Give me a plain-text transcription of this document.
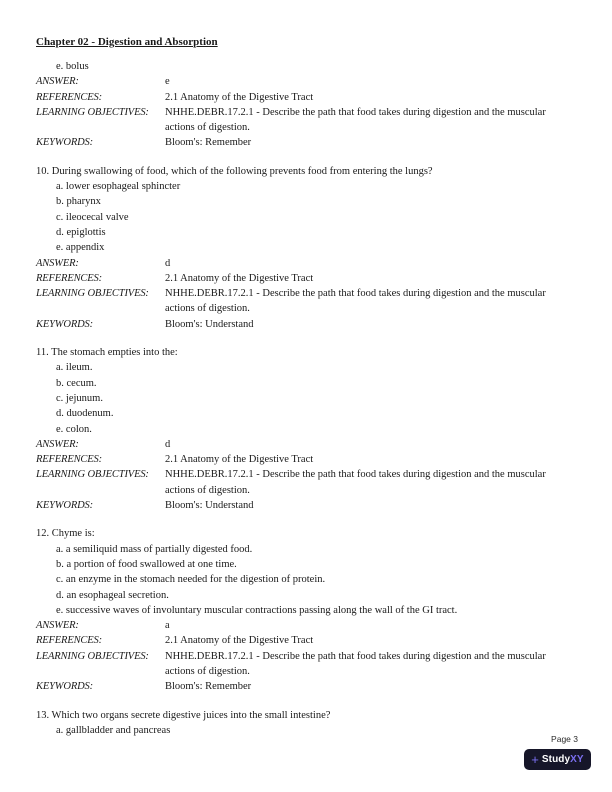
Chapter 02 - Digestion and Absorption
e. bolus
ANSWER:	e
REFERENCES:	2.1 Anatomy of the Digestive Tract
LEARNING OBJECTIVES:	NHHE.DEBR.17.2.1 - Describe the path that food takes during digestion and the muscular actions of digestion.
KEYWORDS:	Bloom's: Remember
10. During swallowing of food, which of the following prevents food from entering the lungs?
a. lower esophageal sphincter
b. pharynx
c. ileocecal valve
d. epiglottis
e. appendix
ANSWER:	d
REFERENCES:	2.1 Anatomy of the Digestive Tract
LEARNING OBJECTIVES:	NHHE.DEBR.17.2.1 - Describe the path that food takes during digestion and the muscular actions of digestion.
KEYWORDS:	Bloom's: Understand
11. The stomach empties into the:
a. ileum.
b. cecum.
c. jejunum.
d. duodenum.
e. colon.
ANSWER:	d
REFERENCES:	2.1 Anatomy of the Digestive Tract
LEARNING OBJECTIVES:	NHHE.DEBR.17.2.1 - Describe the path that food takes during digestion and the muscular actions of digestion.
KEYWORDS:	Bloom's: Understand
12. Chyme is:
a. a semiliquid mass of partially digested food.
b. a portion of food swallowed at one time.
c. an enzyme in the stomach needed for the digestion of protein.
d. an esophageal secretion.
e. successive waves of involuntary muscular contractions passing along the wall of the GI tract.
ANSWER:	a
REFERENCES:	2.1 Anatomy of the Digestive Tract
LEARNING OBJECTIVES:	NHHE.DEBR.17.2.1 - Describe the path that food takes during digestion and the muscular actions of digestion.
KEYWORDS:	Bloom's: Remember
13. Which two organs secrete digestive juices into the small intestine?
a. gallbladder and pancreas
Page 3
+ Study XY
